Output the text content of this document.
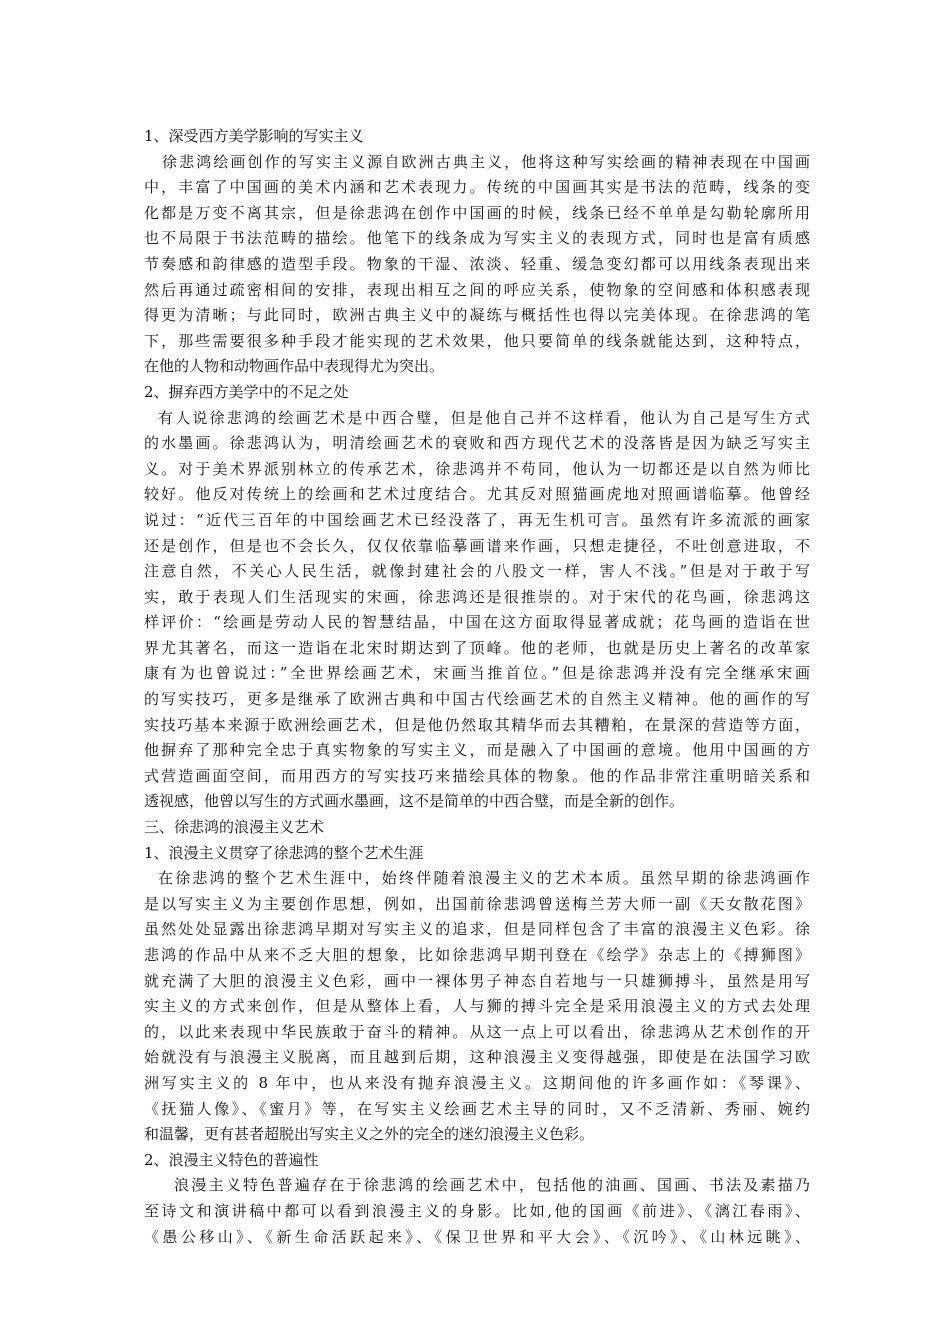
1、深受西方美学影响的写实主义
徐悲鸿绘画创作的写实主义源自欧洲古典主义，他将这种写实绘画的精神表现在中国画
中，丰富了中国画的美术内涵和艺术表现力。传统的中国画其实是书法的范畴，线条的变
化都是万变不离其宗，但是徐悲鸿在创作中国画的时候，线条已经不单单是勾勒轮廓所用
也不局限于书法范畴的描绘。他笔下的线条成为写实主义的表现方式，同时也是富有质感
节奏感和韵律感的造型手段。物象的干湿、浓淡、轻重、缓急变幻都可以用线条表现出来
然后再通过疏密相间的安排，表现出相互之间的呼应关系，使物象的空间感和体积感表现
得更为清晰；与此同时，欧洲古典主义中的凝练与概括性也得以完美体现。在徐悲鸿的笔
下，那些需要很多种手段才能实现的艺术效果，他只要简单的线条就能达到，这种特点，
在他的人物和动物画作品中表现得尤为突出。
2、摒弃西方美学中的不足之处
有人说徐悲鸿的绘画艺术是中西合璧，但是他自己并不这样看，他认为自己是写生方式
的水墨画。徐悲鸿认为，明清绘画艺术的衰败和西方现代艺术的没落皆是因为缺乏写实主
义。对于美术界派别林立的传承艺术，徐悲鸿并不苟同，他认为一切都还是以自然为师比
较好。他反对传统上的绘画和艺术过度结合。尤其反对照猫画虎地对照画谱临摹。他曾经
说过：“近代三百年的中国绘画艺术已经没落了，再无生机可言。虽然有许多流派的画家
还是创作，但是也不会长久，仅仅依靠临摹画谱来作画，只想走捷径，不吐创意进取，不
注意自然，不关心人民生活，就像封建社会的八股文一样，害人不浅。”但是对于敢于写
实，敢于表现人们生活现实的宋画，徐悲鸿还是很推崇的。对于宋代的花鸟画，徐悲鸿这
样评价：“绘画是劳动人民的智慧结晶，中国在这方面取得显著成就；花鸟画的造诣在世
界尤其著名，而这一造诣在北宋时期达到了顶峰。他的老师，也就是历史上著名的改革家
康有为也曾说过：”全世界绘画艺术，宋画当推首位。”但是徐悲鸿并没有完全继承宋画
的写实技巧，更多是继承了欧洲古典和中国古代绘画艺术的自然主义精神。他的画作的写
实技巧基本来源于欧洲绘画艺术，但是他仍然取其精华而去其糟粕，在景深的营造等方面，
他摒弃了那种完全忠于真实物象的写实主义，而是融入了中国画的意境。他用中国画的方
式营造画面空间，而用西方的写实技巧来描绘具体的物象。他的作品非常注重明暗关系和
透视感，他曾以写生的方式画水墨画，这不是简单的中西合璧，而是全新的创作。
三、徐悲鸿的浪漫主义艺术
1、浪漫主义贯穿了徐悲鸿的整个艺术生涯
在徐悲鸿的整个艺术生涯中，始终伴随着浪漫主义的艺术本质。虽然早期的徐悲鸿画作
是以写实主义为主要创作思想，例如，出国前徐悲鸿曾送梅兰芳大师一副《天女散花图》
虽然处处显露出徐悲鸿早期对写实主义的追求，但是同样包含了丰富的浪漫主义色彩。徐
悲鸿的作品中从来不乏大胆的想象，比如徐悲鸿早期刊登在《绘学》杂志上的《搏狮图》
就充满了大胆的浪漫主义色彩，画中一裸体男子神态自若地与一只雄狮搏斗，虽然是用写
实主义的方式来创作，但是从整体上看，人与狮的搏斗完全是采用浪漫主义的方式去处理
的，以此来表现中华民族敢于奋斗的精神。从这一点上可以看出，徐悲鸿从艺术创作的开
始就没有与浪漫主义脱离，而且越到后期，这种浪漫主义变得越强，即使是在法国学习欧
洲写实主义的 8 年中，也从来没有抛弃浪漫主义。这期间他的许多画作如：《琴课》、
《抚猫人像》、《蜜月》等，在写实主义绘画艺术主导的同时，又不乏清新、秀丽、婉约
和温馨，更有甚者超脱出写实主义之外的完全的迷幻浪漫主义色彩。
2、浪漫主义特色的普遍性
浪漫主义特色普遍存在于徐悲鸿的绘画艺术中，包括他的油画、国画、书法及素描乃
至诗文和演讲稿中都可以看到浪漫主义的身影。比如,他的国画《前进》、《漓江春雨》、
《愚公移山》、《新生命活跃起来》、《保卫世界和平大会》、《沉吟》、《山林远眺》、
